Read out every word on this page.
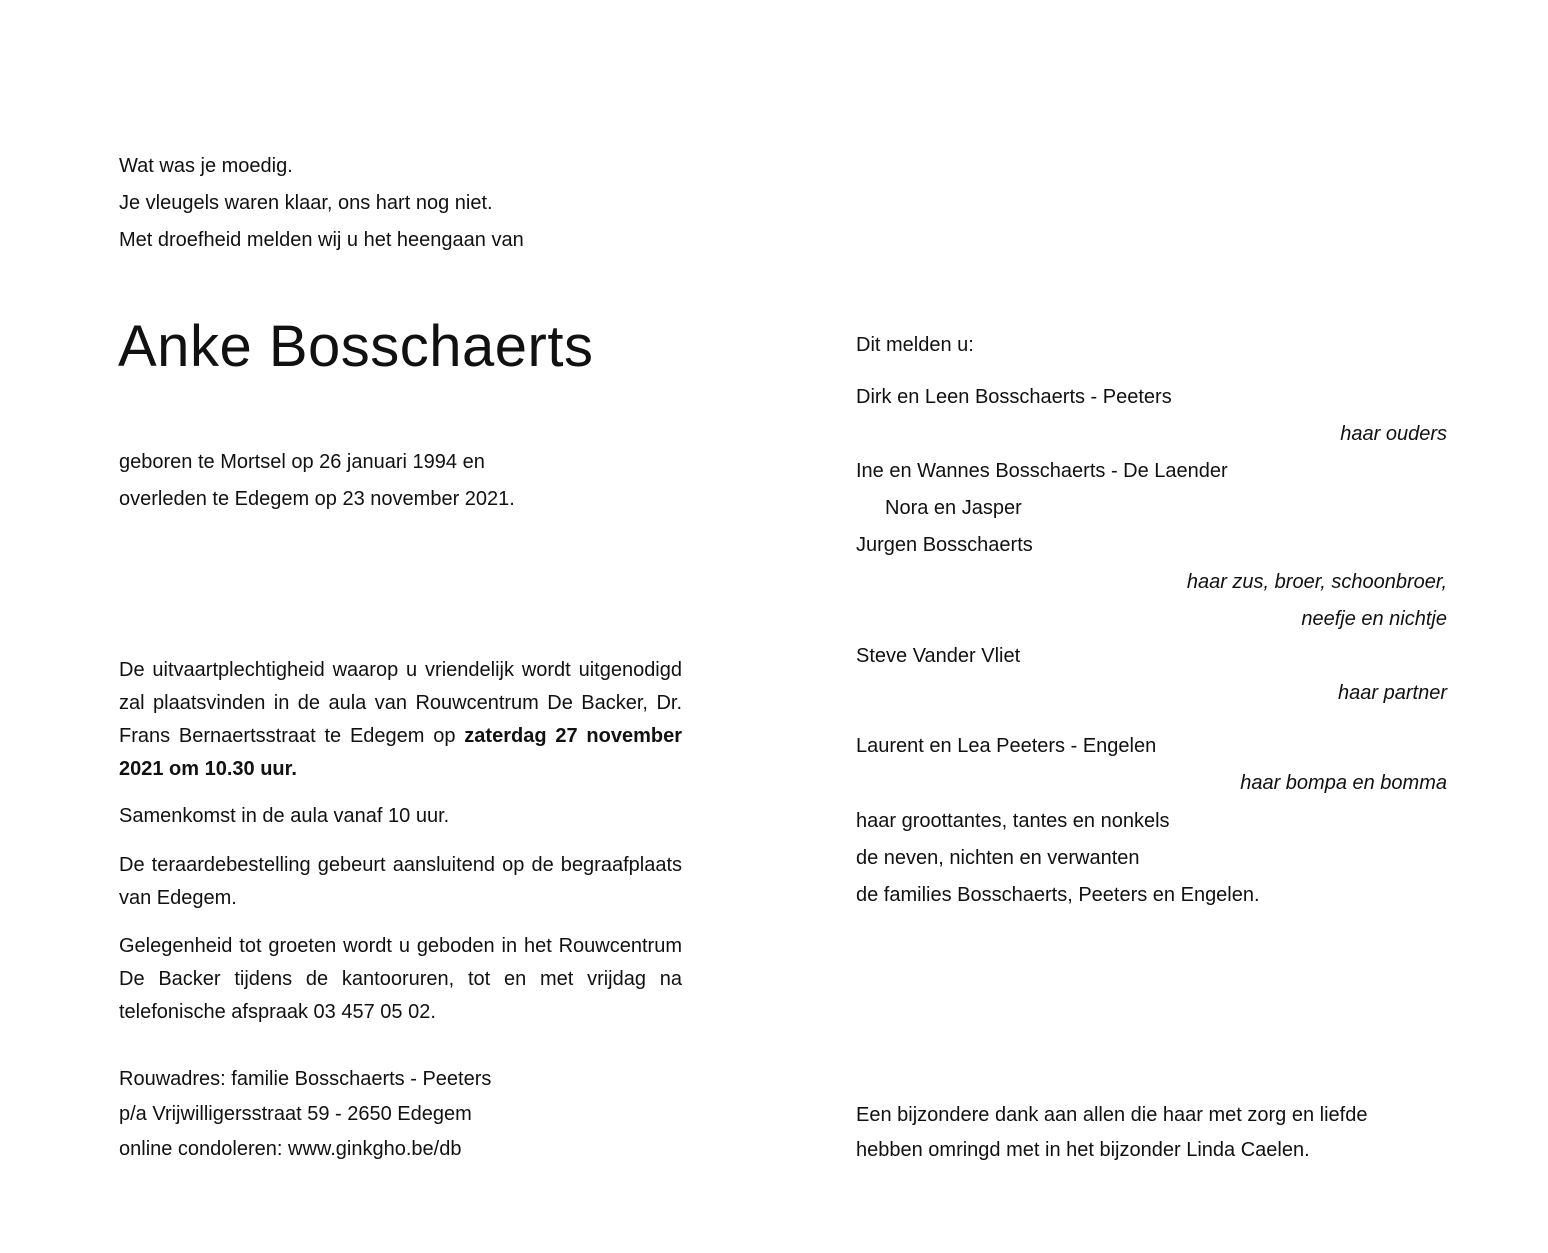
Wat was je moedig.
Je vleugels waren klaar, ons hart nog niet.
Met droefheid melden wij u het heengaan van
Anke Bosschaerts
geboren te Mortsel op 26 januari 1994 en
overleden te Edegem op 23 november 2021.
De uitvaartplechtigheid waarop u vriendelijk wordt uitgenodigd zal plaatsvinden in de aula van Rouwcentrum De Backer, Dr. Frans Bernaertsstraat te Edegem op zaterdag 27 november 2021 om 10.30 uur.
Samenkomst in de aula vanaf 10 uur.
De teraardebestelling gebeurt aansluitend op de begraafplaats van Edegem.
Gelegenheid tot groeten wordt u geboden in het Rouwcentrum De Backer tijdens de kantooruren, tot en met vrijdag na telefonische afspraak 03 457 05 02.
Rouwadres: familie Bosschaerts - Peeters
p/a Vrijwilligersstraat 59 - 2650 Edegem
online condoleren: www.ginkgho.be/db
Dit melden u:
Dirk en Leen Bosschaerts - Peeters
haar ouders
Ine en Wannes Bosschaerts - De Laender
Nora en Jasper
Jurgen Bosschaerts
haar zus, broer, schoonbroer,
neefje en nichtje
Steve Vander Vliet
haar partner
Laurent en Lea Peeters - Engelen
haar bompa en bomma
haar groottantes, tantes en nonkels
de neven, nichten en verwanten
de families Bosschaerts, Peeters en Engelen.
Een bijzondere dank aan allen die haar met zorg en liefde
hebben omringd met in het bijzonder Linda Caelen.
